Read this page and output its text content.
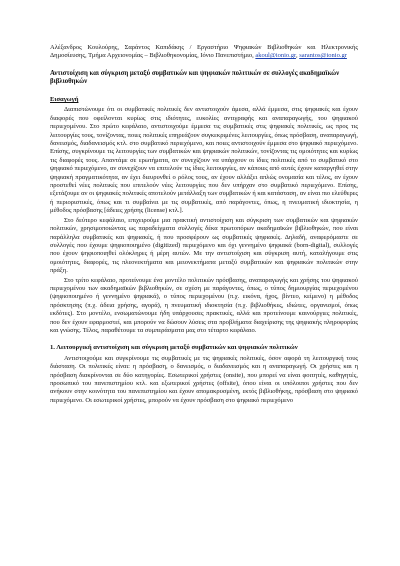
Αλέξανδρος Κουλούρης, Σαράντος Καπιδάκης / Εργαστήριο Ψηφιακών Βιβλιοθηκών και Ηλεκτρονικής Δημοσίευσης, Τμήμα Αρχειονομίας – Βιβλιοθηκονομίας, Ιόνιο Πανεπιστήμιο, akoul@ionio.gr, sarantos@ionio.gr

Αντιστοίχιση και σύγκριση μεταξύ συμβατικών και ψηφιακών πολιτικών σε συλλογές ακαδημαϊκών βιβλιοθηκών
Εισαγωγή

Διαπιστώνουμε ότι οι συμβατικές πολιτικές δεν αντιστοιχούν άμεσα, αλλά έμμεσα, στις ψηφιακές και έχουν διαφορές που οφείλονται κυρίως στις ιδιότητες, ευκολίες αντιγραφής και αναπαραγωγής, του ψηφιακού περιεχομένου. Στο πρώτο κεφάλαιο, αντιστοιχούμε έμμεσα τις συμβατικές στις ψηφιακές πολιτικές, ως προς τις λειτουργίες τους, τονίζοντας, ποιες πολιτικές επηρεάζουν συγκεκριμένες λειτουργίες, όπως πρόσβαση, αναπαραγωγή, δανεισμός, διαδανεισμός κτλ. στο συμβατικό περιεχόμενο, και ποιες αντιστοιχούν έμμεσα στο ψηφιακό περιεχόμενο. Επίσης, συγκρίνουμε τις λειτουργίες των συμβατικών και ψηφιακών πολιτικών, τονίζοντας τις ομοιότητες και κυρίως τις διαφορές τους. Απαντάμε σε ερωτήματα, αν συνεχίζουν να υπάρχουν οι ίδιες πολιτικές από το συμβατικό στο ψηφιακό περιεχόμενο, αν συνεχίζουν να επιτελούν τις ίδιες λειτουργίες, αν κάποιες από αυτές έχουν καταργηθεί στην ψηφιακή πραγματικότητα, αν έχει διευρυνθεί ο ρόλος τους, αν έχουν αλλάξει απλώς ονομασία και τέλος, αν έχουν προστεθεί νέες πολιτικές που επιτελούν νέες λειτουργίες που δεν υπήρχαν στο συμβατικό περιεχόμενο. Επίσης, εξετάζουμε αν οι ψηφιακές πολιτικές αποτελούν μετάλλαξη των συμβατικών ή και κατάσταση, αν είναι πιο ελεύθερες ή περιοριστικές, όπως και τι συμβαίνει με τις συμβατικές, από παράγοντες, όπως, η πνευματική ιδιοκτησία, η μέθοδος πρόσβασης [άδειες χρήσης (license) κτλ.].

Στο δεύτερο κεφάλαιο, επιχειρούμε μια πρακτική αντιστοίχιση και σύγκριση των συμβατικών και ψηφιακών πολιτικών, χρησιμοποιώντας ως παραδείγματα συλλογές δέκα πρωτοπόρων ακαδημαϊκών βιβλιοθηκών, που είναι παράλληλα συμβατικές και ψηφιακές, ή που προσφέρουν ως συμβατικές ψηφιακές. Δηλαδή, αναφερόμαστε σε συλλογές που έχουμε ψηφιοποιημένο (digitized) περιεχόμενο και όχι γεννημένο ψηφιακά (born-digital), συλλογές που έχουν ψηφιοποιηθεί ολόκληρες ή μέρη αυτών. Με την αντιστοίχιση και σύγκριση αυτή, καταλήγουμε στις ομοιότητες, διαφορές, τις πλεονεκτήματα και μειονεκτήματα μεταξύ συμβατικών και ψηφιακών πολιτικών στην πράξη.

Στο τρίτο κεφάλαιο, προτείνουμε ένα μοντέλο πολιτικών πρόσβασης, αναπαραγωγής και χρήσης του ψηφιακού περιεχομένου των ακαδημαϊκών βιβλιοθηκών, σε σχέση με παράγοντες, όπως, ο τύπος δημιουργίας περιεχομένου (ψηφιοποιημένο ή γεννημένο ψηφιακά), ο τύπος περιεχομένου (π.χ. εικόνα, ήχος, βίντεο, κείμενο) η μέθοδος πρόσκτησης (π.χ. άδεια χρήσης, αγορά), η πνευματική ιδιοκτησία (π.χ. βιβλιοθήκες, ιδιώτες, οργανισμοί, όπως εκδότες). Στο μοντέλο, ενσωματώνουμε ήδη υπάρχουσες πρακτικές, αλλά και προτείνουμε καινούργιες πολιτικές, που δεν έχουν εφαρμοστεί, και μπορούν να δώσουν λύσεις στα προβλήματα διαχείρισης της ψηφιακής πληροφορίας και γνώσης. Τέλος, παραθέτουμε τα συμπεράσματα μας στο τέταρτο κεφάλαιο.

1. Λειτουργική αντιστοίχιση και σύγκριση μεταξύ συμβατικών και ψηφιακών πολιτικών

Αντιστοιχούμε και συγκρίνουμε τις συμβατικές με τις ψηφιακές πολιτικές, όσον αφορά τη λειτουργική τους διάσταση. Οι πολιτικές είναι: η πρόσβαση, ο δανεισμός, ο διαδανεισμός και η αναπαραγωγή. Οι χρήστες και η πρόσβαση διακρίνονται σε δύο κατηγορίες. Εσωτερικοί χρήστες (onsite), που μπορεί να είναι φοιτητές, καθηγητές, προσωπικό του πανεπιστημίου κτλ. και εξωτερικοί χρήστες (offsite), όπου είναι οι υπόλοιποι χρήστες που δεν ανήκουν στην κοινότητα του πανεπιστημίου και έχουν απομακρυσμένη, εκτός βιβλιοθήκης, πρόσβαση στο ψηφιακό περιεχόμενο. Οι εσωτερικοί χρήστες, μπορούν να έχουν πρόσβαση στο ψηφιακό περιεχόμενο
